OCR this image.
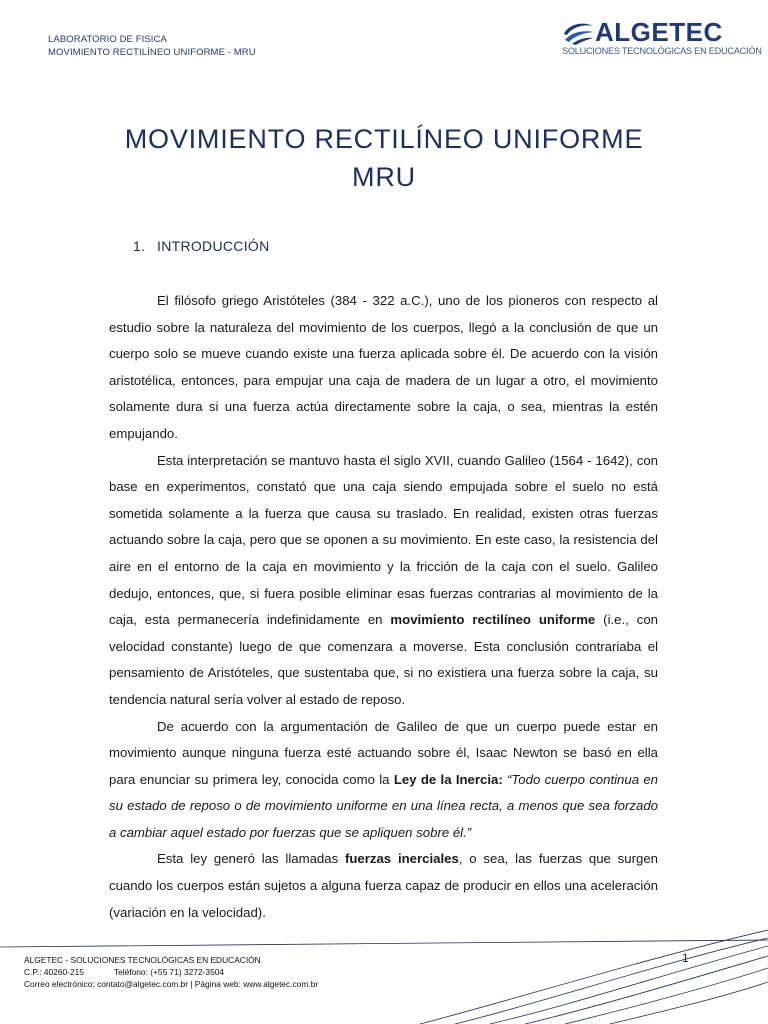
LABORATORIO DE FISICA
MOVIMIENTO RECTILÍNEO UNIFORME - MRU
ALGETEC
SOLUCIONES TECNOLÓGICAS EN EDUCACIÓN
MOVIMIENTO RECTILÍNEO UNIFORME
MRU
1. INTRODUCCIÓN

El filósofo griego Aristóteles (384 - 322 a.C.), uno de los pioneros con respecto al estudio sobre la naturaleza del movimiento de los cuerpos, llegó a la conclusión de que un cuerpo solo se mueve cuando existe una fuerza aplicada sobre él. De acuerdo con la visión aristotélica, entonces, para empujar una caja de madera de un lugar a otro, el movimiento solamente dura si una fuerza actúa directamente sobre la caja, o sea, mientras la estén empujando.

Esta interpretación se mantuvo hasta el siglo XVII, cuando Galileo (1564 - 1642), con base en experimentos, constató que una caja siendo empujada sobre el suelo no está sometida solamente a la fuerza que causa su traslado. En realidad, existen otras fuerzas actuando sobre la caja, pero que se oponen a su movimiento. En este caso, la resistencia del aire en el entorno de la caja en movimiento y la fricción de la caja con el suelo. Galileo dedujo, entonces, que, si fuera posible eliminar esas fuerzas contrarias al movimiento de la caja, esta permanecería indefinidamente en movimiento rectilíneo uniforme (i.e., con velocidad constante) luego de que comenzara a moverse. Esta conclusión contrariaba el pensamiento de Aristóteles, que sustentaba que, si no existiera una fuerza sobre la caja, su tendencia natural sería volver al estado de reposo.

De acuerdo con la argumentación de Galileo de que un cuerpo puede estar en movimiento aunque ninguna fuerza esté actuando sobre él, Isaac Newton se basó en ella para enunciar su primera ley, conocida como la Ley de la Inercia: “Todo cuerpo continua en su estado de reposo o de movimiento uniforme en una línea recta, a menos que sea forzado a cambiar aquel estado por fuerzas que se apliquen sobre él.”

Esta ley generó las llamadas fuerzas inerciales, o sea, las fuerzas que surgen cuando los cuerpos están sujetos a alguna fuerza capaz de producir en ellos una aceleración (variación en la velocidad).

ALGETEC - SOLUCIONES TECNOLÓGICAS EN EDUCACIÓN
C.P.: 40260-215	Teléfono: (+55 71) 3272-3504
Correo electrónico: contato@algetec.com.br | Página web: www.algetec.com.br
1
